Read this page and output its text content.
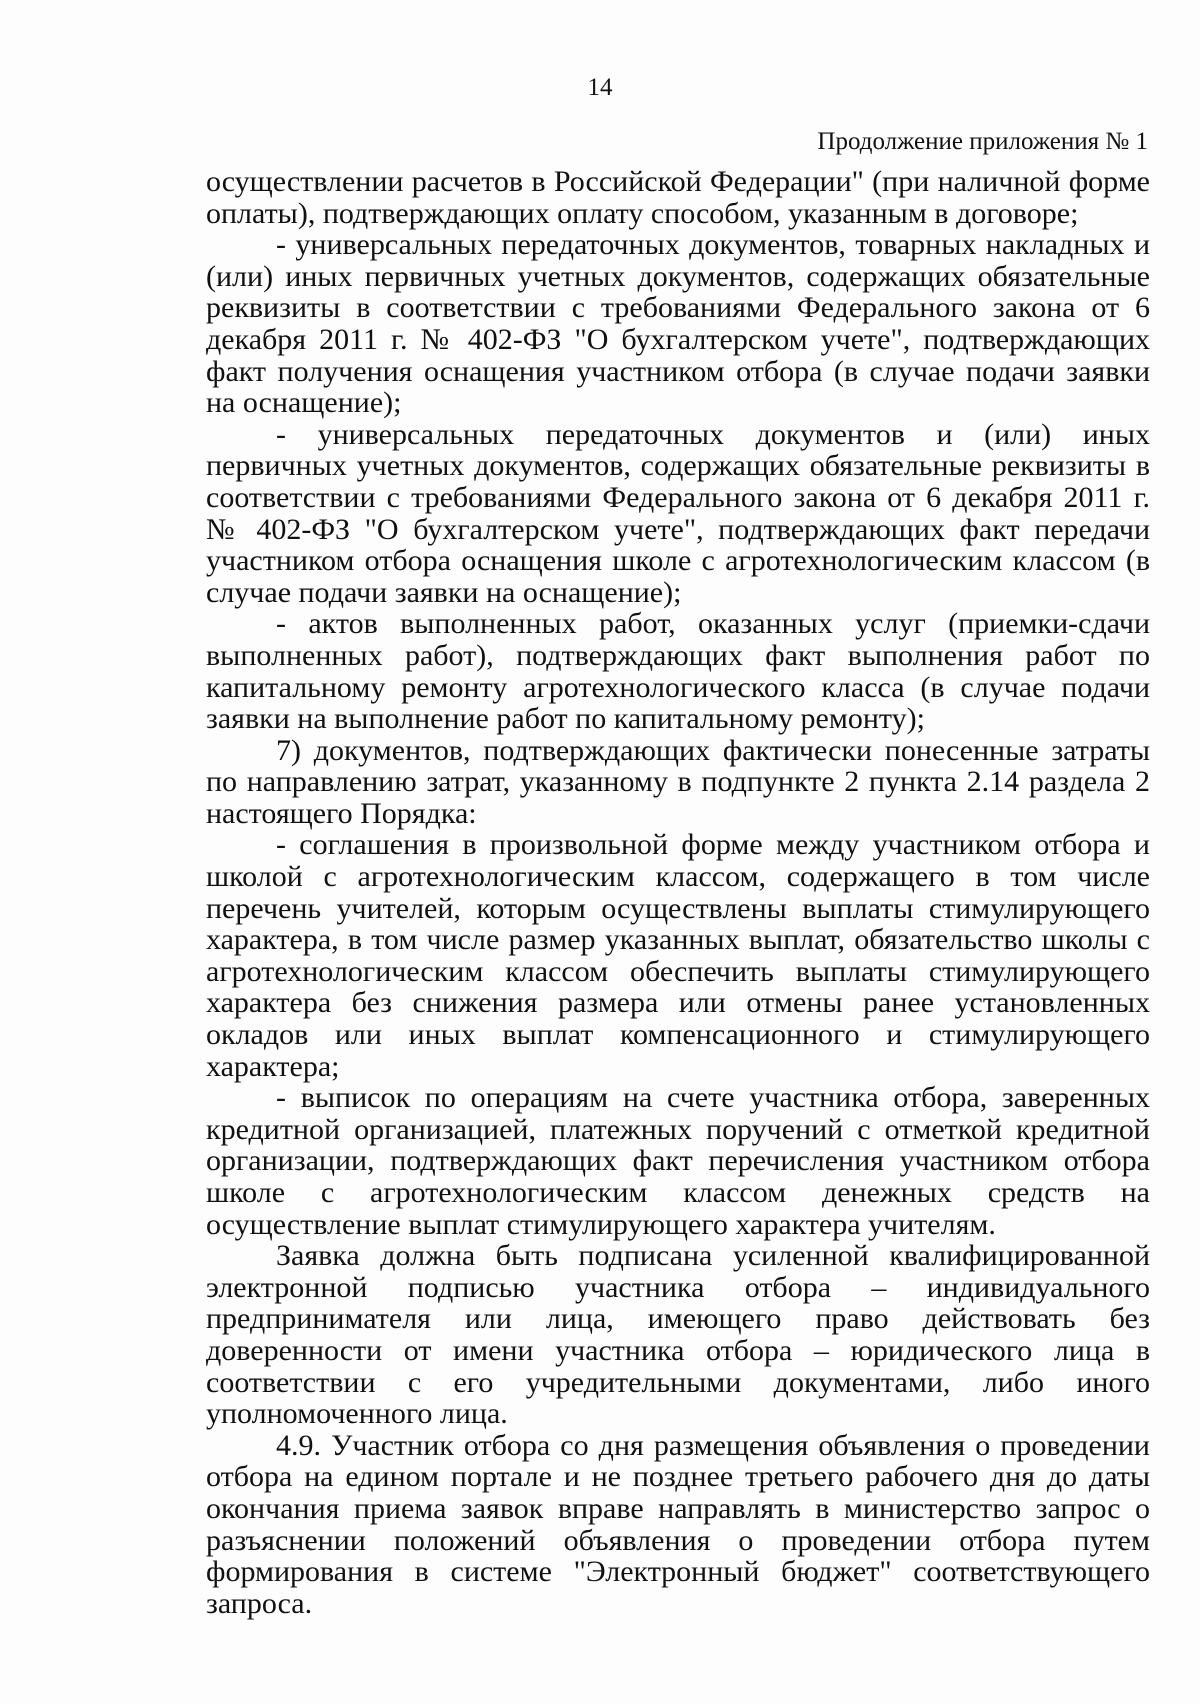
14
Продолжение приложения № 1

осуществлении расчетов в Российской Федерации" (при наличной форме оплаты), подтверждающих оплату способом, указанным в договоре;

- универсальных передаточных документов, товарных накладных и (или) иных первичных учетных документов, содержащих обязательные реквизиты в соответствии с требованиями Федерального закона от 6 декабря 2011 г. № 402-ФЗ "О бухгалтерском учете", подтверждающих факт получения оснащения участником отбора (в случае подачи заявки на оснащение);

- универсальных передаточных документов и (или) иных первичных учетных документов, содержащих обязательные реквизиты в соответствии с требованиями Федерального закона от 6 декабря 2011 г. № 402-ФЗ "О бухгалтерском учете", подтверждающих факт передачи участником отбора оснащения школе с агротехнологическим классом (в случае подачи заявки на оснащение);

- актов выполненных работ, оказанных услуг (приемки-сдачи выполненных работ), подтверждающих факт выполнения работ по капитальному ремонту агротехнологического класса (в случае подачи заявки на выполнение работ по капитальному ремонту);

7) документов, подтверждающих фактически понесенные затраты по направлению затрат, указанному в подпункте 2 пункта 2.14 раздела 2 настоящего Порядка:

- соглашения в произвольной форме между участником отбора и школой с агротехнологическим классом, содержащего в том числе перечень учителей, которым осуществлены выплаты стимулирующего характера, в том числе размер указанных выплат, обязательство школы с агротехнологическим классом обеспечить выплаты стимулирующего характера без снижения размера или отмены ранее установленных окладов или иных выплат компенсационного и стимулирующего характера;

- выписок по операциям на счете участника отбора, заверенных кредитной организацией, платежных поручений с отметкой кредитной организации, подтверждающих факт перечисления участником отбора школе с агротехнологическим классом денежных средств на осуществление выплат стимулирующего характера учителям.

Заявка должна быть подписана усиленной квалифицированной электронной подписью участника отбора – индивидуального предпринимателя или лица, имеющего право действовать без доверенности от имени участника отбора – юридического лица в соответствии с его учредительными документами, либо иного уполномоченного лица.

4.9. Участник отбора со дня размещения объявления о проведении отбора на едином портале и не позднее третьего рабочего дня до даты окончания приема заявок вправе направлять в министерство запрос о разъяснении положений объявления о проведении отбора путем формирования в системе "Электронный бюджет" соответствующего запроса.
